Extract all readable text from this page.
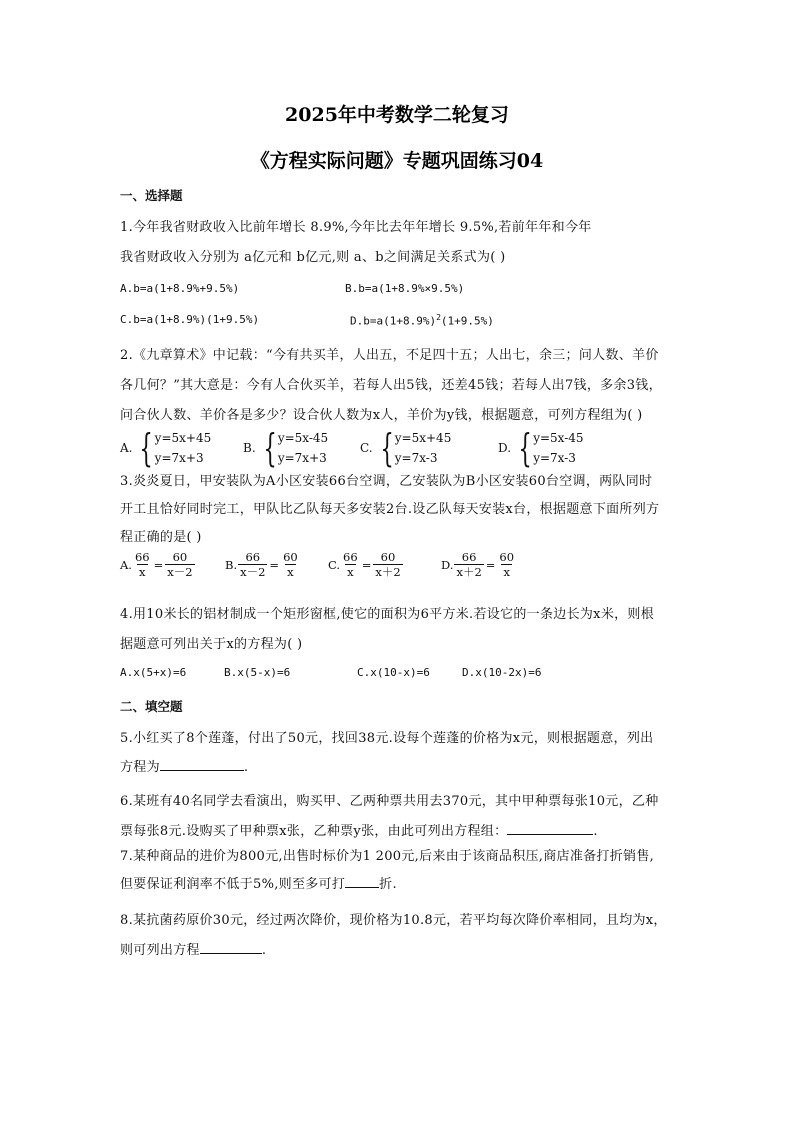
2025年中考数学二轮复习
《方程实际问题》专题巩固练习04
一、选择题
1.今年我省财政收入比前年增长 8.9%,今年比去年年增长 9.5%,若前年年和今年
我省财政收入分别为 a亿元和 b亿元,则 a、b之间满足关系式为( )
A.b=a(1+8.9%+9.5%)	B.b=a(1+8.9%×9.5%)
C.b=a(1+8.9%)(1+9.5%)	$D.b=a(1+8.9\%)^2(1+9.5\%)$
2.《九章算术》中记载：“今有共买羊，人出五，不足四十五；人出七，余三；问人数、羊价
各几何？”其大意是：今有人合伙买羊，若每人出5钱，还差45钱；若每人出7钱，多余3钱，
问合伙人数、羊价各是多少？设合伙人数为x人，羊价为y钱，根据题意，可列方程组为( )
A. { y=5x+45
y=7x+3
B. { y=5x-45
y=7x+3
C. { y=5x+45
y=7x-3
D. { y=5x-45
y=7x-3
3.炎炎夏日，甲安装队为A小区安装66台空调，乙安装队为B小区安装60台空调，两队同时
开工且恰好同时完工，甲队比乙队每天多安装2台.设乙队每天安装x台，根据题意下面所列方
程正确的是( )
A. $\frac{66}{x} = \frac{60}{x-2}$	B. $\frac{66}{x-2} = \frac{60}{x} C$. $\frac{66}{x} = \frac{60}{x+2}$	D. $\frac{66}{x+2} = \frac{60}{x}$
4.用10米长的铝材制成一个矩形窗框,使它的面积为6平方米.若设它的一条边长为x米，则根
据题意可列出关于x的方程为( )
A.x(5+x)=6	B.x(5-x)=6	C.x(10-x)=6	D.x(10-2x)=6
二、填空题
5.小红买了8个莲蓬，付出了50元，找回38元.设每个莲蓬的价格为x元，则根据题意，列出
方程为	.
6.某班有40名同学去看演出，购买甲、乙两种票共用去370元，其中甲种票每张10元，乙种
票每张8元.设购买了甲种票x张，乙种票y张，由此可列出方程组：	.
7.某种商品的进价为800元,出售时标价为1 200元,后来由于该商品积压,商店准备打折销售,
但要保证利润率不低于5%,则至多可打	折.
8.某抗菌药原价30元，经过两次降价，现价格为10.8元，若平均每次降价率相同，且均为x，
则可列出方程	.
